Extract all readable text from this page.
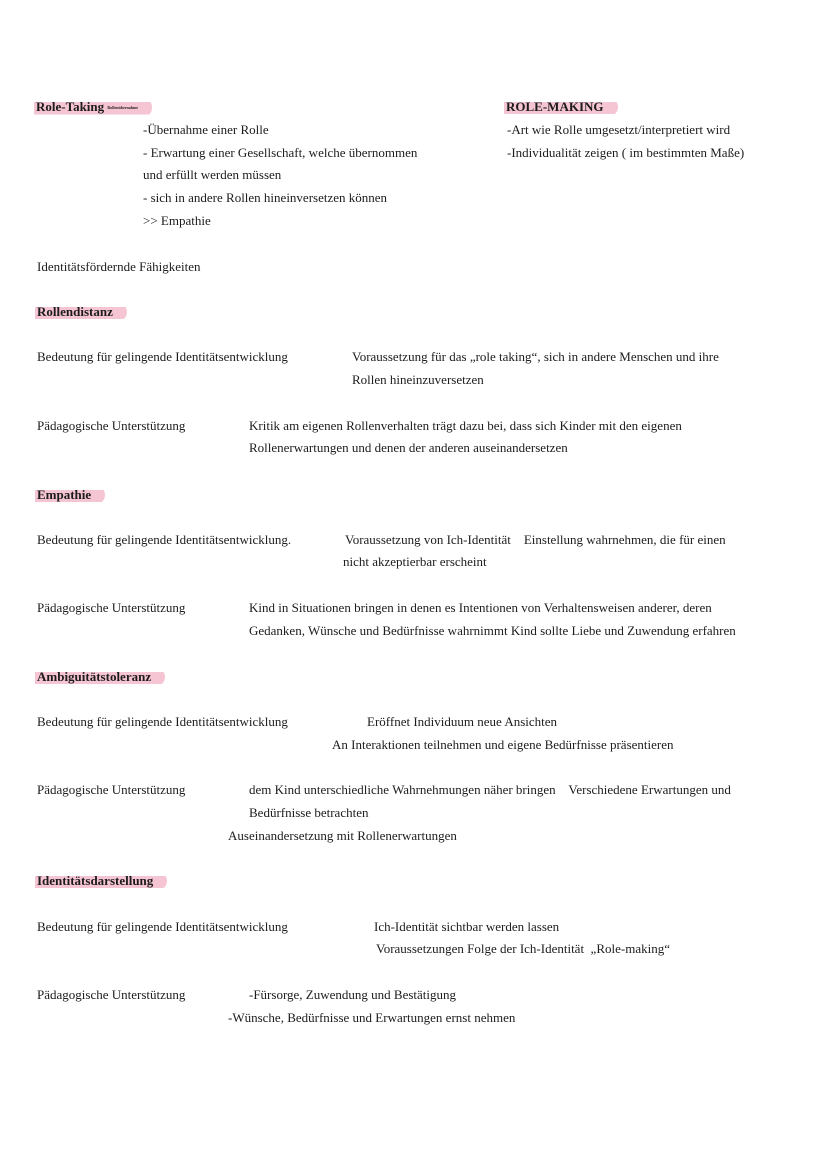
Role-Taking Rollenübernahme
-Übernahme einer Rolle
- Erwartung einer Gesellschaft, welche übernommen
und erfüllt werden müssen
- sich in andere Rollen hineinversetzen können
>> Empathie
ROLE-MAKING
-Art wie Rolle umgesetzt/interpretiert wird
-Individualität zeigen ( im bestimmten Maße)
Identitätsfördernde Fähigkeiten
Rollendistanz
Bedeutung für gelingende Identitätsentwicklung	Voraussetzung für das „role taking“, sich in andere Menschen und ihre
Rollen hineinzuversetzen
Pädagogische Unterstützung	Kritik am eigenen Rollenverhalten trägt dazu bei, dass sich Kinder mit den eigenen
Rollenerwartungen und denen der anderen auseinandersetzen
Empathie
Bedeutung für gelingende Identitätsentwicklung.	Voraussetzung von Ich-Identität    Einstellung wahrnehmen, die für einen
nicht akzeptierbar erscheint
Pädagogische Unterstützung	Kind in Situationen bringen in denen es Intentionen von Verhaltensweisen anderer, deren
Gedanken, Wünsche und Bedürfnisse wahrnimmt Kind sollte Liebe und Zuwendung erfahren
Ambiguitätstoleranz
Bedeutung für gelingende Identitätsentwicklung	Eröffnet Individuum neue Ansichten
An Interaktionen teilnehmen und eigene Bedürfnisse präsentieren
Pädagogische Unterstützung	dem Kind unterschiedliche Wahrnehmungen näher bringen    Verschiedene Erwartungen und
Bedürfnisse betrachten
Auseinandersetzung mit Rollenerwartungen
Identitätsdarstellung
Bedeutung für gelingende Identitätsentwicklung	Ich-Identität sichtbar werden lassen
Voraussetzungen Folge der Ich-Identität  „Role-making“
Pädagogische Unterstützung	-Fürsorge, Zuwendung und Bestätigung
-Wünsche, Bedürfnisse und Erwartungen ernst nehmen
